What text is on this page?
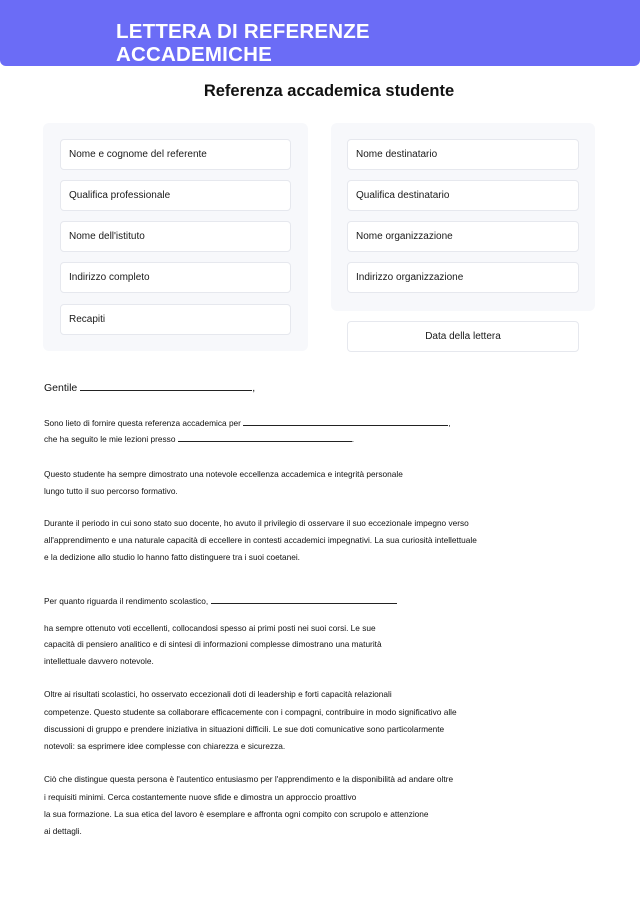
LETTERA DI REFERENZE ACCADEMICHE
Referenza accademica studente
Nome e cognome del referente
Qualifica professionale
Nome dell'istituto
Indirizzo completo
Recapiti
Nome destinatario
Qualifica destinatario
Nome organizzazione
Indirizzo organizzazione
Data della lettera
Gentile	,
Sono lieto di fornire questa referenza accademica per	,
che ha seguito le mie lezioni presso	.
Questo studente ha sempre dimostrato una notevole eccellenza accademica e integrità personale
lungo tutto il suo percorso formativo.
Durante il periodo in cui sono stato suo docente, ho avuto il privilegio di osservare il suo eccezionale impegno verso
all'apprendimento e una naturale capacità di eccellere in contesti accademici impegnativi. La sua curiosità intellettuale
e la dedizione allo studio lo hanno fatto distinguere tra i suoi coetanei.
Per quanto riguarda il rendimento scolastico,
ha sempre ottenuto voti eccellenti, collocandosi spesso ai primi posti nei suoi corsi. Le sue
capacità di pensiero analitico e di sintesi di informazioni complesse dimostrano una maturità
intellettuale davvero notevole.
Oltre ai risultati scolastici, ho osservato eccezionali doti di leadership e forti capacità relazionali
competenze. Questo studente sa collaborare efficacemente con i compagni, contribuire in modo significativo alle
discussioni di gruppo e prendere iniziativa in situazioni difficili. Le sue doti comunicative sono particolarmente
notevoli: sa esprimere idee complesse con chiarezza e sicurezza.
Ciò che distingue questa persona è l'autentico entusiasmo per l'apprendimento e la disponibilità ad andare oltre
i requisiti minimi. Cerca costantemente nuove sfide e dimostra un approccio proattivo
la sua formazione. La sua etica del lavoro è esemplare e affronta ogni compito con scrupolo e attenzione
ai dettagli.
